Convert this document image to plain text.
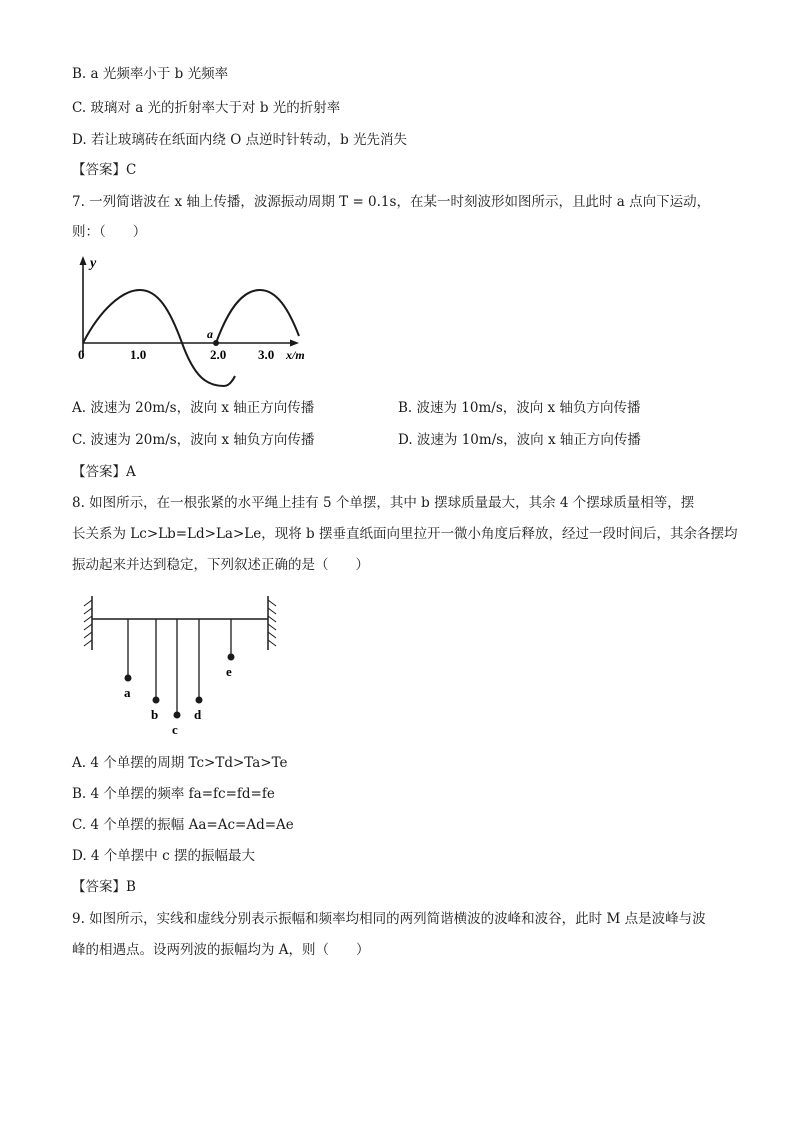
B. a 光频率小于 b 光频率
C. 玻璃对 a 光的折射率大于对 b 光的折射率
D. 若让玻璃砖在纸面内绕 O 点逆时针转动，b 光先消失
【答案】C
7. 一列简谐波在 x 轴上传播，波源振动周期 T = 0.1s，在某一时刻波形如图所示，且此时 a 点向下运动，
则：（　　）
y
a
0	1.0	2.0 3.0 x/m
A. 波速为 20m/s，波向 x 轴正方向传播	B. 波速为 10m/s，波向 x 轴负方向传播
C. 波速为 20m/s，波向 x 轴负方向传播	D. 波速为 10m/s，波向 x 轴正方向传播
【答案】A
8. 如图所示，在一根张紧的水平绳上挂有 5 个单摆，其中 b 摆球质量最大，其余 4 个摆球质量相等，摆
长关系为 Lc>Lb=Ld>La>Le，现将 b 摆垂直纸面向里拉开一微小角度后释放，经过一段时间后，其余各摆均
振动起来并达到稳定，下列叙述正确的是（　　）
a
b
c
d
e
A. 4 个单摆的周期 Tc>Td>Ta>Te
B. 4 个单摆的频率 fa=fc=fd=fe
C. 4 个单摆的振幅 Aa=Ac=Ad=Ae
D. 4 个单摆中 c 摆的振幅最大
【答案】B
9. 如图所示，实线和虚线分别表示振幅和频率均相同的两列简谐横波的波峰和波谷，此时 M 点是波峰与波
峰的相遇点。设两列波的振幅均为 A，则（　　）
